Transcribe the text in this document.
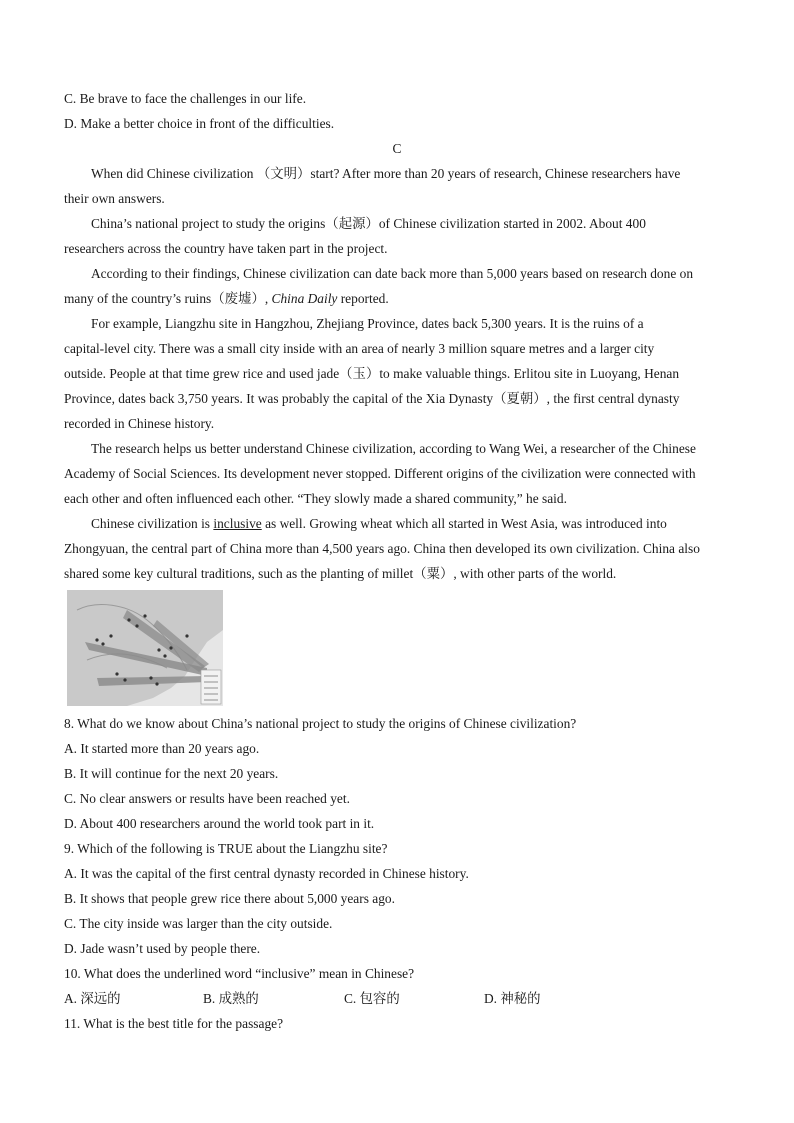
C. Be brave to face the challenges in our life.
D. Make a better choice in front of the difficulties.
C
When did Chinese civilization （文明）start? After more than 20 years of research, Chinese researchers have
their own answers.
China’s national project to study the origins（起源）of Chinese civilization started in 2002. About 400
researchers across the country have taken part in the project.
According to their findings, Chinese civilization can date back more than 5,000 years based on research done on
many of the country’s ruins（废墟）, China Daily reported.
For example, Liangzhu site in Hangzhou, Zhejiang Province, dates back 5,300 years. It is the ruins of a
capital-level city. There was a small city inside with an area of nearly 3 million square metres and a larger city
outside. People at that time grew rice and used jade（玉）to make valuable things. Erlitou site in Luoyang, Henan
Province, dates back 3,750 years. It was probably the capital of the Xia Dynasty（夏朝）, the first central dynasty
recorded in Chinese history.
The research helps us better understand Chinese civilization, according to Wang Wei, a researcher of the Chinese
Academy of Social Sciences. Its development never stopped. Different origins of the civilization were connected with
each other and often influenced each other. “They slowly made a shared community,” he said.
Chinese civilization is inclusive as well. Growing wheat which all started in West Asia, was introduced into
Zhongyuan, the central part of China more than 4,500 years ago. China then developed its own civilization. China also
shared some key cultural traditions, such as the planting of millet（粟）, with other parts of the world.
8. What do we know about China’s national project to study the origins of Chinese civilization?
A. It started more than 20 years ago.
B. It will continue for the next 20 years.
C. No clear answers or results have been reached yet.
D. About 400 researchers around the world took part in it.
9. Which of the following is TRUE about the Liangzhu site?
A. It was the capital of the first central dynasty recorded in Chinese history.
B. It shows that people grew rice there about 5,000 years ago.
C. The city inside was larger than the city outside.
D. Jade wasn’t used by people there.
10. What does the underlined word “inclusive” mean in Chinese?
A. 深远的	B. 成熟的	C. 包容的	D. 神秘的
11. What is the best title for the passage?
